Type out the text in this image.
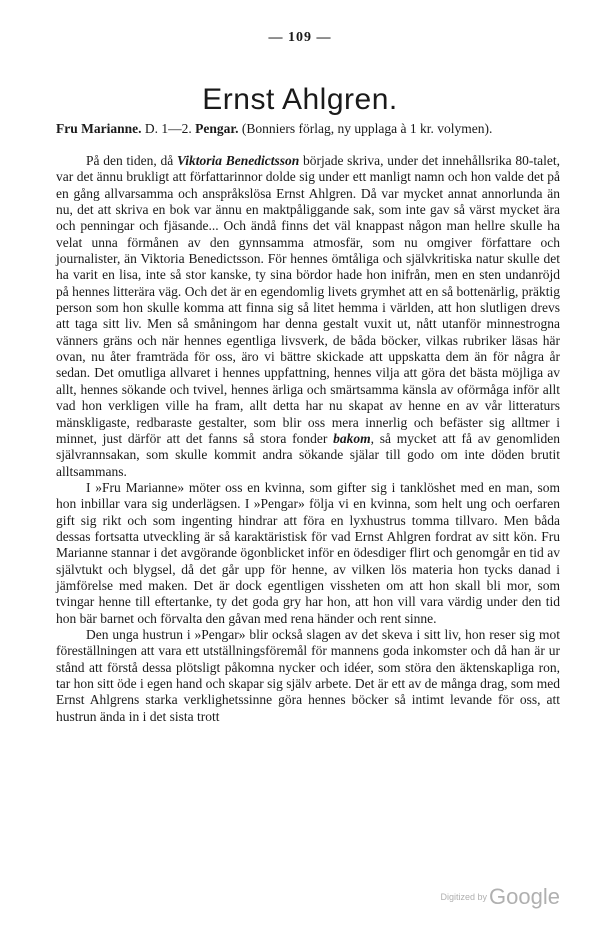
— 109 —
Ernst Ahlgren.

Fru Marianne. D. 1—2. Pengar. (Bonniers förlag, ny upplaga à 1 kr. volymen).

På den tiden, då Viktoria Benedictsson började skriva, under det innehållsrika 80-talet, var det ännu brukligt att författarinnor dolde sig under ett manligt namn och hon valde det på en gång allvarsamma och anspråkslösa Ernst Ahlgren. Då var mycket annat annorlunda än nu, det att skriva en bok var ännu en maktpåliggande sak, som inte gav så värst mycket ära och penningar och fjäsande... Och ändå finns det väl knappast någon man hellre skulle ha velat unna förmånen av den gynnsamma atmosfär, som nu omgiver författare och journalister, än Viktoria Benedictsson. För hennes ömtåliga och självkritiska natur skulle det ha varit en lisa, inte så stor kanske, ty sina bördor hade hon inifrån, men en sten undanröjd på hennes litterära väg. Och det är en egendomlig livets grymhet att en så bottenärlig, präktig person som hon skulle komma att finna sig så litet hemma i världen, att hon slutligen drevs att taga sitt liv. Men så småningom har denna gestalt vuxit ut, nått utanför minnestrogna vänners gräns och när hennes egentliga livsverk, de båda böcker, vilkas rubriker läsas här ovan, nu åter framträda för oss, äro vi bättre skickade att uppskatta dem än för några år sedan. Det omutliga allvaret i hennes uppfattning, hennes vilja att göra det bästa möjliga av allt, hennes sökande och tvivel, hennes ärliga och smärtsamma känsla av oförmåga inför allt vad hon verkligen ville ha fram, allt detta har nu skapat av henne en av vår litteraturs mänskligaste, redbaraste gestalter, som blir oss mera innerlig och befäster sig alltmer i minnet, just därför att det fanns så stora fonder bakom, så mycket att få av genomliden självrannsakan, som skulle kommit andra sökande själar till godo om inte döden brutit alltsammans.

I »Fru Marianne» möter oss en kvinna, som gifter sig i tanklöshet med en man, som hon inbillar vara sig underlägsen. I »Pengar» följa vi en kvinna, som helt ung och oerfaren gift sig rikt och som ingenting hindrar att föra en lyxhustrus tomma tillvaro. Men båda dessas fortsatta utveckling är så karaktäristisk för vad Ernst Ahlgren fordrat av sitt kön. Fru Marianne stannar i det avgörande ögonblicket inför en ödesdiger flirt och genomgår en tid av självtukt och blygsel, då det går upp för henne, av vilken lös materia hon tycks danad i jämförelse med maken. Det är dock egentligen vissheten om att hon skall bli mor, som tvingar henne till eftertanke, ty det goda gry har hon, att hon vill vara värdig under den tid hon bär barnet och förvalta den gåvan med rena händer och rent sinne.

Den unga hustrun i »Pengar» blir också slagen av det skeva i sitt liv, hon reser sig mot föreställningen att vara ett utställningsföremål för mannens goda inkomster och då han är ur stånd att förstå dessa plötsligt påkomna nycker och idéer, som störa den äktenskapliga ron, tar hon sitt öde i egen hand och skapar sig själv arbete. Det är ett av de många drag, som med Ernst Ahlgrens starka verklighetssinne göra hennes böcker så intimt levande för oss, att hustrun ända in i det sista trott

Digitized byGoogle
